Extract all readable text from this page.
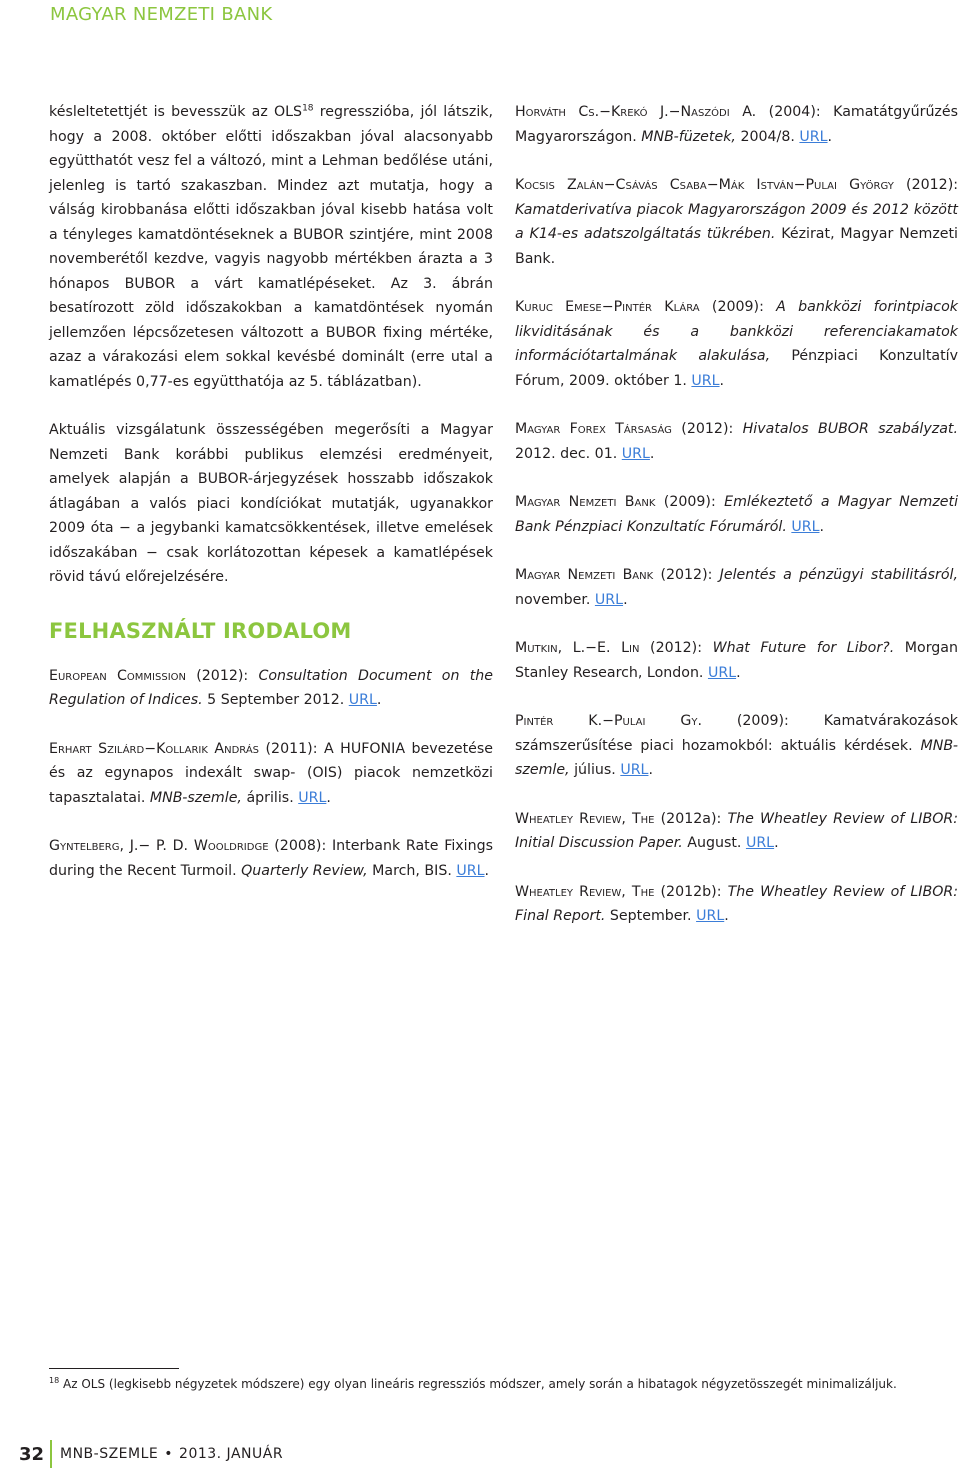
MAGYAR NEMZETI BANK

késleltetettjét is bevesszük az OLS$^{18}$ regresszióba, jól látszik, hogy a 2008. október előtti időszakban jóval alacsonyabb együtthatót vesz fel a változó, mint a Lehman bedőlése utáni, jelenleg is tartó szakaszban. Mindez azt mutatja, hogy a válság kirobbanása előtti időszakban jóval kisebb hatása volt a tényleges kamatdöntéseknek a BUBOR szintjére, mint 2008 novemberétől kezdve, vagyis nagyobb mértékben árazta a 3 hónapos BUBOR a várt kamatlépéseket. Az 3. ábrán besatírozott zöld időszakokban a kamatdöntések nyomán jellemzően lépcsőzetesen változott a BUBOR fixing mértéke, azaz a várakozási elem sokkal kevésbé dominált (erre utal a kamatlépés 0,77-es együtthatója az 5. táblázatban).

Aktuális vizsgálatunk összességében megerősíti a Magyar Nemzeti Bank korábbi publikus elemzési eredményeit, amelyek alapján a BUBOR-árjegyzések hosszabb időszakok átlagában a valós piaci kondíciókat mutatják, ugyanakkor 2009 óta − a jegybanki kamatcsökkentések, illetve emelések időszakában − csak korlátozottan képesek a kamatlépések rövid távú előrejelzésére.

FELHASZNÁLT IRODALOM

European Commission (2012): Consultation Document on the Regulation of Indices. 5 September 2012. URL.

Erhart Szilárd−Kollarik András (2011): A HUFONIA bevezetése és az egynapos indexált swap- (OIS) piacok nemzetközi tapasztalatai. MNB-szemle, április. URL.

Gyntelberg, J.− P. D. Wooldridge (2008): Interbank Rate Fixings during the Recent Turmoil. Quarterly Review, March, BIS. URL.

Horváth Cs.−Krekó J.−Naszódi A. (2004): Kamatátgyűrűzés Magyarországon. MNB-füzetek, 2004/8. URL.

Kocsis Zalán−Csávás Csaba−Mák István−Pulai György (2012): Kamatderivatíva piacok Magyarországon 2009 és 2012 között a K14-es adatszolgáltatás tükrében. Kézirat, Magyar Nemzeti Bank.

Kuruc Emese−Pintér Klára (2009): A bankközi forintpiacok likviditásának és a bankközi referenciakamatok információtartalmának alakulása, Pénzpiaci Konzultatív Fórum, 2009. október 1. URL.

Magyar Forex Társaság (2012): Hivatalos BUBOR szabályzat. 2012. dec. 01. URL.

Magyar Nemzeti Bank (2009): Emlékeztető a Magyar Nemzeti Bank Pénzpiaci Konzultatíc Fórumáról. URL.

Magyar Nemzeti Bank (2012): Jelentés a pénzügyi stabilitásról, november. URL.

Mutkin, L.−E. Lin (2012): What Future for Libor?. Morgan Stanley Research, London. URL.

Pintér K.−Pulai Gy. (2009): Kamatvárakozások számszerűsítése piaci hozamokból: aktuális kérdések. MNB-szemle, július. URL.

Wheatley Review, The (2012a): The Wheatley Review of LIBOR: Initial Discussion Paper. August. URL.

Wheatley Review, The (2012b): The Wheatley Review of LIBOR: Final Report. September. URL.

$^{18}$ Az OLS (legkisebb négyzetek módszere) egy olyan lineáris regressziós módszer, amely során a hibatagok négyzetösszegét minimalizáljuk.
32	MNB-SZEMLE • 2013. JANUÁR
